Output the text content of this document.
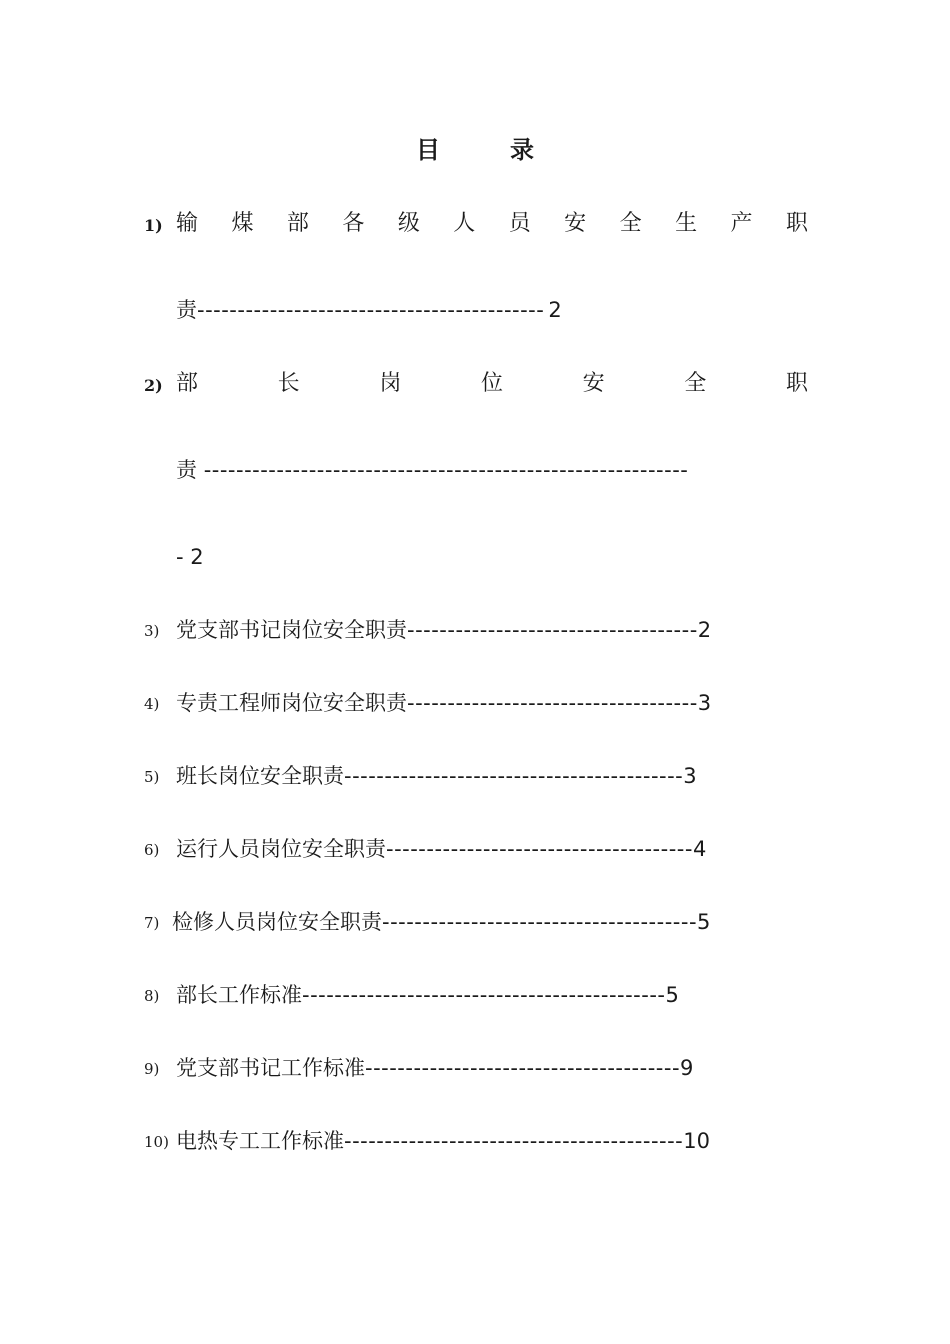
目录
1) 输 煤 部 各 级 人 员 安 全 生 产 职
责------------------------------------------- 2
2) 部	长	岗	位	安	全	职
责 ------------------------------------------------------------
- 2
3) 党支部书记岗位安全职责------------------------------------2
4) 专责工程师岗位安全职责------------------------------------3
5) 班长岗位安全职责------------------------------------------3
6) 运行人员岗位安全职责--------------------------------------4
7) 检修人员岗位安全职责---------------------------------------5
8) 部长工作标准---------------------------------------------5
9) 党支部书记工作标准---------------------------------------9
10) 电热专工工作标准------------------------------------------10
